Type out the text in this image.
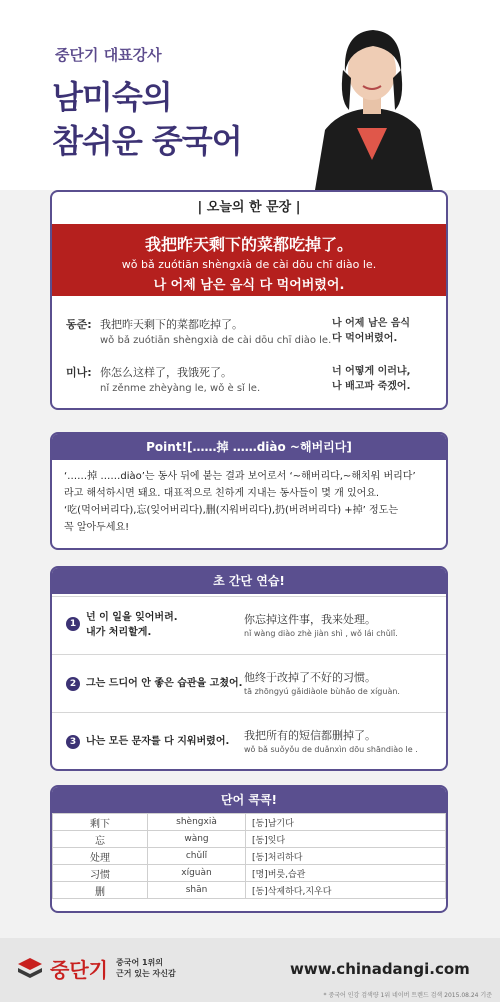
중단기 대표강사
남미숙의
참쉬운 중국어
| 오늘의 한 문장 |
我把昨天剩下的菜都吃掉了。
wǒ bǎ zuótiān shèngxià de cài dōu chī diào le.
나 어제 남은 음식 다 먹어버렸어.
동준: 我把昨天剩下的菜都吃掉了。
wǒ bǎ zuótiān shèngxià de cài dōu chī diào le.
나 어제 남은 음식
다 먹어버렸어.
미나: 你怎么这样了，我饿死了。
nǐ zěnme zhèyàng le, wǒ è sǐ le.
너 어떻게 이러냐,
나 배고파 죽겠어.
Point![……掉 ……diào ~해버리다]
‘……掉 ……diào’는 동사 뒤에 붙는 결과 보어로서 ‘~해버리다,~해치워 버리다’
라고 해석하시면 돼요. 대표적으로 친하게 지내는 동사들이 몇 개 있어요.
‘吃(먹어버리다),忘(잊어버리다),删(지워버리다),扔(버려버리다) +掉’ 정도는
꼭 알아두세요!
초 간단 연습!
1
넌 이 일을 잊어버려.
내가 처리할게.
你忘掉这件事，我来处理。
nǐ wàng diào zhè jiàn shì , wǒ lái chǔlǐ.
2 그는 드디어 안 좋은 습관을 고쳤어. 他终于改掉了不好的习惯。
tā zhōngyú gǎidiàole bùhǎo de xíguàn.
3 나는 모든 문자를 다 지워버렸어. 我把所有的短信都删掉了。
wǒ bǎ suǒyǒu de duǎnxìn dōu shāndiào le .
단어 콕콕!
剩下	shèngxià	[동]남기다
忘	wàng	[동]잊다
处理	chǔlǐ	[동]처리하다
习惯	xíguàn	[명]버릇,습관
删	shān	[동]삭제하다,지우다
중단기 중국어 1위의
근거 있는 자신감	www.chinadangi.com
* 중국어 인강 검색량 1위 네이버 트렌드 검색 2015.08.24 기준
